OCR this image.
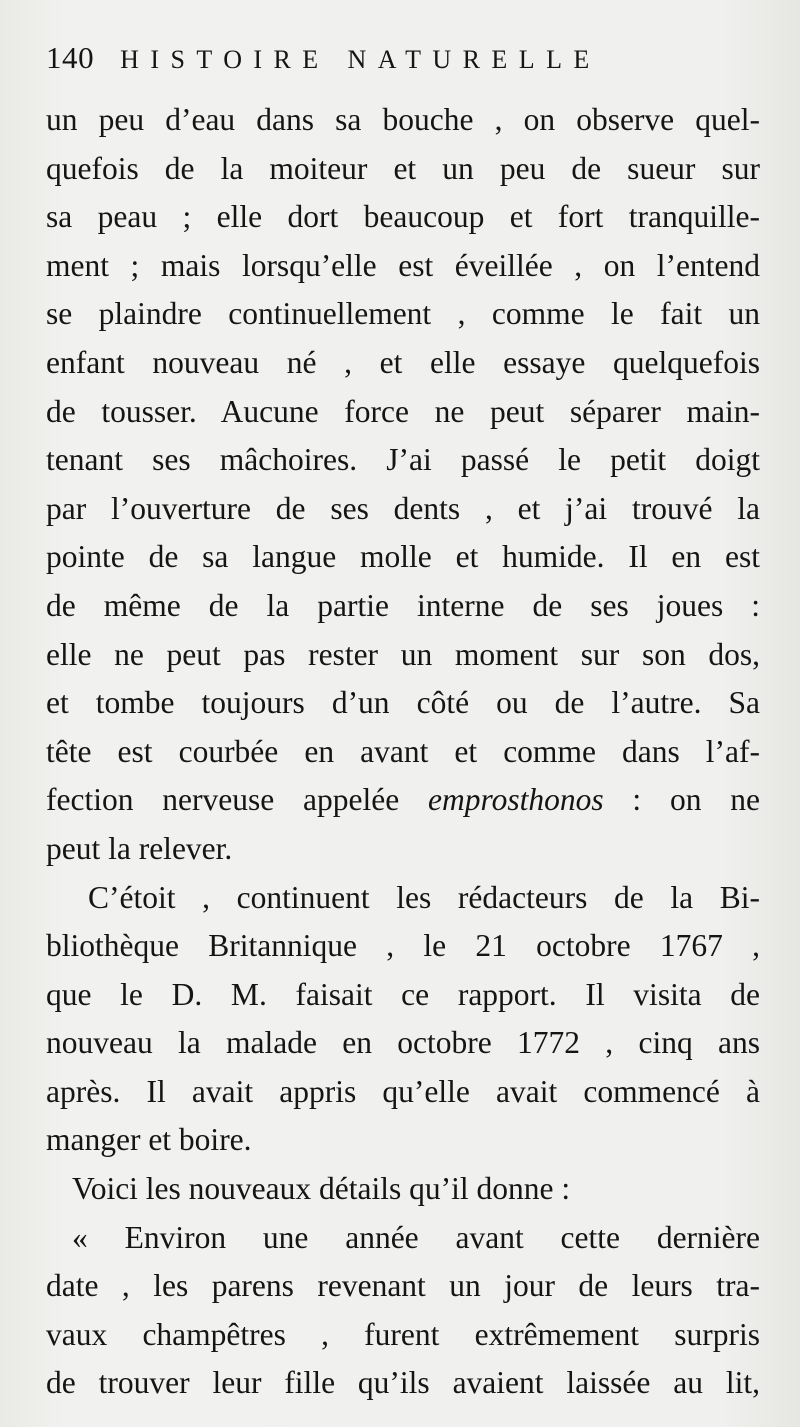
140 HISTOIRE NATURELLE
un peu d’eau dans sa bouche , on observe quel-
quefois de la moiteur et un peu de sueur sur
sa peau ; elle dort beaucoup et fort tranquille-
ment ; mais lorsqu’elle est éveillée , on l’entend
se plaindre continuellement , comme le fait un
enfant nouveau né , et elle essaye quelquefois
de tousser. Aucune force ne peut séparer main-
tenant ses mâchoires. J’ai passé le petit doigt
par l’ouverture de ses dents , et j’ai trouvé la
pointe de sa langue molle et humide. Il en est
de même de la partie interne de ses joues :
elle ne peut pas rester un moment sur son dos,
et tombe toujours d’un côté ou de l’autre. Sa
tête est courbée en avant et comme dans l’af-
fection nerveuse appelée emprosthonos : on ne
peut la relever.
C’étoit , continuent les rédacteurs de la Bi-
bliothèque Britannique , le 21 octobre 1767 ,
que le D. M. faisait ce rapport. Il visita de
nouveau la malade en octobre 1772 , cinq ans
après. Il avait appris qu’elle avait commencé à
manger et boire.
Voici les nouveaux détails qu’il donne :
« Environ une année avant cette dernière
date , les parens revenant un jour de leurs tra-
vaux champêtres , furent extrêmement surpris
de trouver leur fille qu’ils avaient laissée au lit,
